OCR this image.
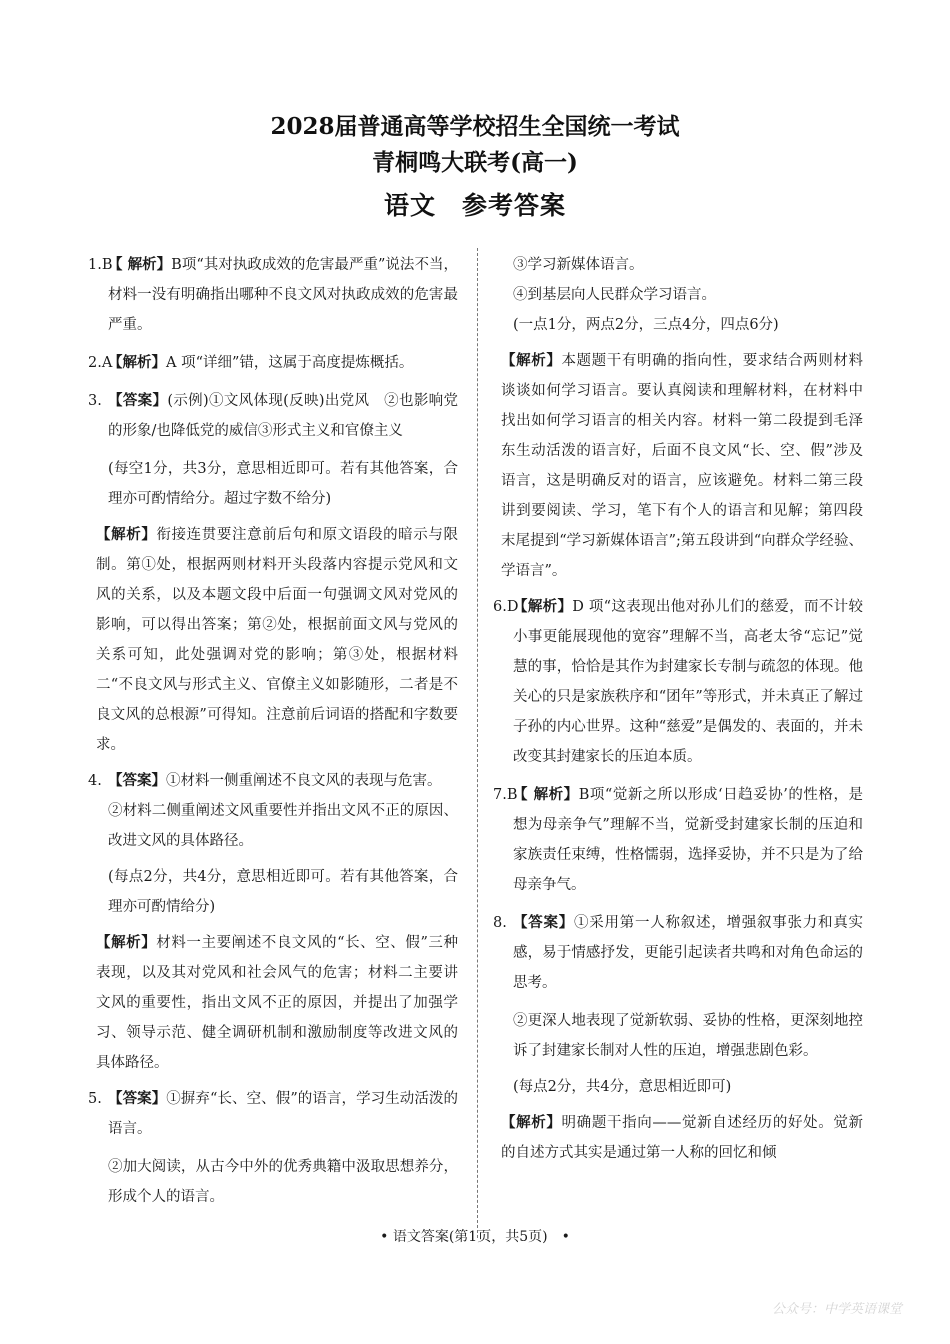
2028届普通高等学校招生全国统一考试
青桐鸣大联考(高一)
语文　参考答案
1.B
【 解析】B项“其对执政成效的危害最严重”说法不当，材料一没有明确指出哪种不良文风对执政成效的危害最严重。
2.A
【解析】A 项“详细”错，这属于高度提炼概括。
3. 【答案】(示例)①文风体现(反映)出党风　②也影响党的形象/也降低党的威信③形式主义和官僚主义
(每空1分，共3分，意思相近即可。若有其他答案，合理亦可酌情给分。超过字数不给分)
【解析】衔接连贯要注意前后句和原文语段的暗示与限制。第①处，根据两则材料开头段落内容提示党风和文风的关系，以及本题文段中后面一句强调文风对党风的影响，可以得出答案；第②处，根据前面文风与党风的关系可知，此处强调对党的影响；第③处，根据材料二“不良文风与形式主义、官僚主义如影随形，二者是不良文风的总根源”可得知。注意前后词语的搭配和字数要求。
4. 【答案】①材料一侧重阐述不良文风的表现与危害。
②材料二侧重阐述文风重要性并指出文风不正的原因、改进文风的具体路径。
(每点2分，共4分，意思相近即可。若有其他答案，合理亦可酌情给分)
【解析】材料一主要阐述不良文风的“长、空、假”三种表现，以及其对党风和社会风气的危害；材料二主要讲文风的重要性，指出文风不正的原因，并提出了加强学习、领导示范、健全调研机制和激励制度等改进文风的具体路径。
5. 【答案】①摒弃“长、空、假”的语言，学习生动活泼的语言。
②加大阅读，从古今中外的优秀典籍中汲取思想养分，形成个人的语言。
③学习新媒体语言。
④到基层向人民群众学习语言。
(一点1分，两点2分，三点4分，四点6分)
【解析】本题题干有明确的指向性，要求结合两则材料谈谈如何学习语言。要认真阅读和理解材料，在材料中找出如何学习语言的相关内容。材料一第二段提到毛泽东生动活泼的语言好，后面不良文风“长、空、假”涉及语言，这是明确反对的语言，应该避免。材料二第三段讲到要阅读、学习，笔下有个人的语言和见解；第四段末尾提到“学习新媒体语言”;第五段讲到“向群众学经验、学语言”。
6.D
【解析】D 项“这表现出他对孙儿们的慈爱，而不计较小事更能展现他的宽容”理解不当，高老太爷“忘记”觉慧的事，恰恰是其作为封建家长专制与疏忽的体现。他关心的只是家族秩序和“团年”等形式，并未真正了解过子孙的内心世界。这种“慈爱”是偶发的、表面的，并未改变其封建家长的压迫本质。
7.B
【 解析】B项“觉新之所以形成‘日趋妥协’的性格，是想为母亲争气”理解不当，觉新受封建家长制的压迫和家族责任束缚，性格懦弱，选择妥协，并不只是为了给母亲争气。
8. 【答案】①采用第一人称叙述，增强叙事张力和真实感，易于情感抒发，更能引起读者共鸣和对角色命运的思考。
②更深人地表现了觉新软弱、妥协的性格，更深刻地控诉了封建家长制对人性的压迫，增强悲剧色彩。
(每点2分，共4分，意思相近即可)
【解析】明确题干指向——觉新自述经历的好处。觉新的自述方式其实是通过第一人称的回忆和倾
• 语文答案(第1页，共5页)　•
公众号：中学英语课堂
